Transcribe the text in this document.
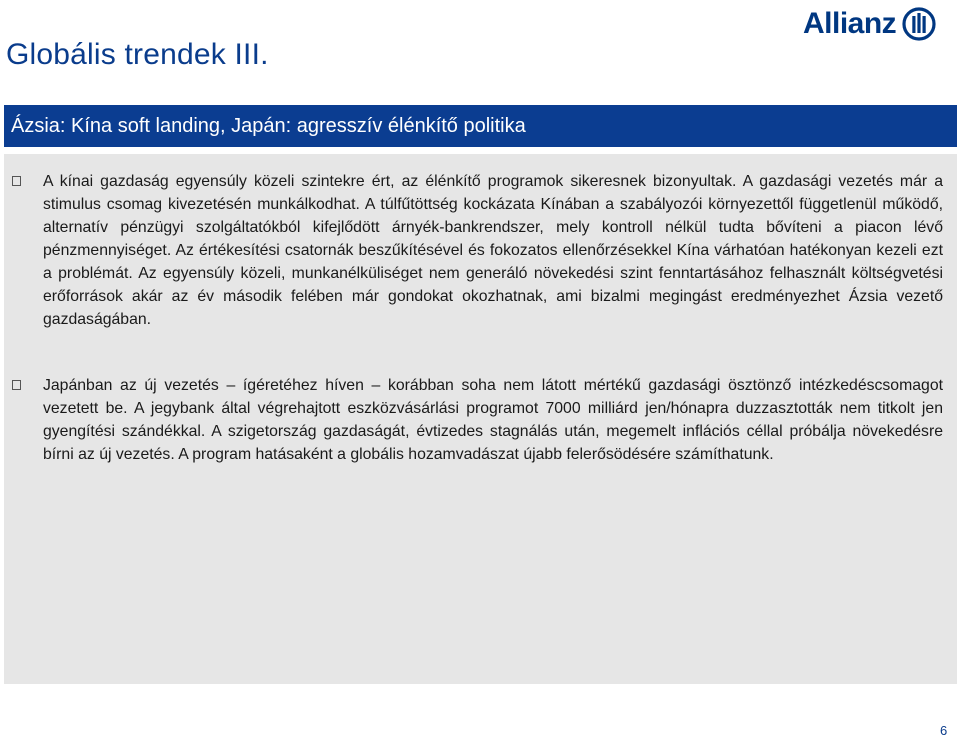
Globális trendek III.
Allianz
Ázsia: Kína soft landing, Japán: agresszív élénkítő politika
A kínai gazdaság egyensúly közeli szintekre ért, az élénkítő programok sikeresnek bizonyultak. A gazdasági vezetés már a stimulus csomag kivezetésén munkálkodhat. A túlfűtöttség kockázata Kínában a szabályozói környezettől függetlenül működő, alternatív pénzügyi szolgáltatókból kifejlődött árnyék-bankrendszer, mely kontroll nélkül tudta bővíteni a piacon lévő pénzmennyiséget. Az értékesítési csatornák beszűkítésével és fokozatos ellenőrzésekkel Kína várhatóan hatékonyan kezeli ezt a problémát. Az egyensúly közeli, munkanélküliséget nem generáló növekedési szint fenntartásához felhasznált költségvetési erőforrások akár az év második felében már gondokat okozhatnak, ami bizalmi megingást eredményezhet Ázsia vezető gazdaságában.
Japánban az új vezetés – ígéretéhez híven – korábban soha nem látott mértékű gazdasági ösztönző intézkedéscsomagot vezetett be. A jegybank által végrehajtott eszközvásárlási programot 7000 milliárd jen/hónapra duzzasztották nem titkolt jen gyengítési szándékkal. A szigetország gazdaságát, évtizedes stagnálás után, megemelt inflációs céllal próbálja növekedésre bírni az új vezetés. A program hatásaként a globális hozamvadászat újabb felerősödésére számíthatunk.
6
